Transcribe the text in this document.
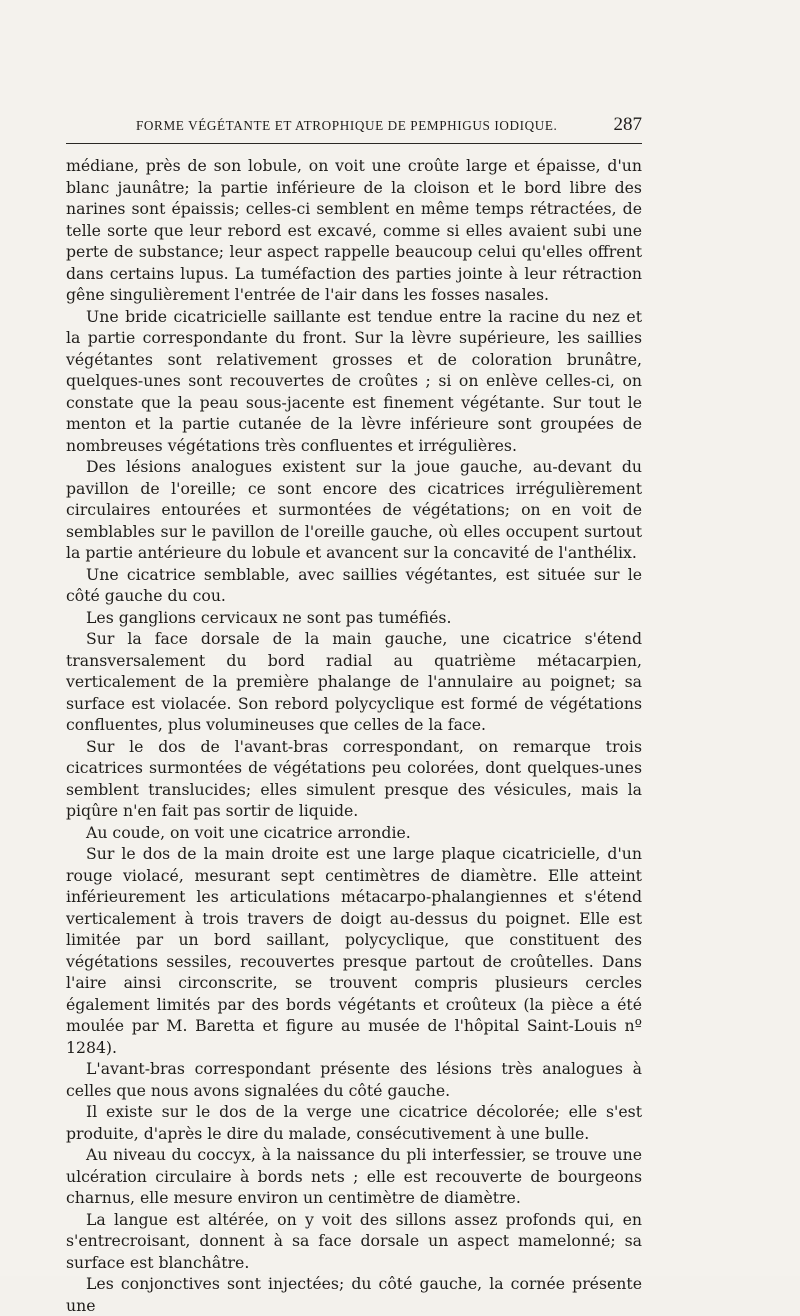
FORME VÉGÉTANTE ET ATROPHIQUE DE PEMPHIGUS IODIQUE.	287

médiane, près de son lobule, on voit une croûte large et épaisse, d'un blanc jaunâtre; la partie inférieure de la cloison et le bord libre des narines sont épaissis; celles-ci semblent en même temps rétractées, de telle sorte que leur rebord est excavé, comme si elles avaient subi une perte de substance; leur aspect rappelle beaucoup celui qu'elles offrent dans certains lupus. La tuméfaction des parties jointe à leur rétraction gêne singulièrement l'entrée de l'air dans les fosses nasales.

Une bride cicatricielle saillante est tendue entre la racine du nez et la partie correspondante du front. Sur la lèvre supérieure, les saillies végétantes sont relativement grosses et de coloration brunâtre, quelques-unes sont recouvertes de croûtes ; si on enlève celles-ci, on constate que la peau sous-jacente est finement végétante. Sur tout le menton et la partie cutanée de la lèvre inférieure sont groupées de nombreuses végétations très confluentes et irrégulières.

Des lésions analogues existent sur la joue gauche, au-devant du pavillon de l'oreille; ce sont encore des cicatrices irrégulièrement circulaires entourées et surmontées de végétations; on en voit de semblables sur le pavillon de l'oreille gauche, où elles occupent surtout la partie antérieure du lobule et avancent sur la concavité de l'anthélix.

Une cicatrice semblable, avec saillies végétantes, est située sur le côté gauche du cou.

Les ganglions cervicaux ne sont pas tuméfiés.

Sur la face dorsale de la main gauche, une cicatrice s'étend transversalement du bord radial au quatrième métacarpien, verticalement de la première phalange de l'annulaire au poignet; sa surface est violacée. Son rebord polycyclique est formé de végétations confluentes, plus volumineuses que celles de la face.

Sur le dos de l'avant-bras correspondant, on remarque trois cicatrices surmontées de végétations peu colorées, dont quelques-unes semblent translucides; elles simulent presque des vésicules, mais la piqûre n'en fait pas sortir de liquide.

Au coude, on voit une cicatrice arrondie.

Sur le dos de la main droite est une large plaque cicatricielle, d'un rouge violacé, mesurant sept centimètres de diamètre. Elle atteint inférieurement les articulations métacarpo-phalangiennes et s'étend verticalement à trois travers de doigt au-dessus du poignet. Elle est limitée par un bord saillant, polycyclique, que constituent des végétations sessiles, recouvertes presque partout de croûtelles. Dans l'aire ainsi circonscrite, se trouvent compris plusieurs cercles également limités par des bords végétants et croûteux (la pièce a été moulée par M. Baretta et figure au musée de l'hôpital Saint-Louis nº 1284).

L'avant-bras correspondant présente des lésions très analogues à celles que nous avons signalées du côté gauche.

Il existe sur le dos de la verge une cicatrice décolorée; elle s'est produite, d'après le dire du malade, consécutivement à une bulle.

Au niveau du coccyx, à la naissance du pli interfessier, se trouve une ulcération circulaire à bords nets ; elle est recouverte de bourgeons charnus, elle mesure environ un centimètre de diamètre.

La langue est altérée, on y voit des sillons assez profonds qui, en s'entrecroisant, donnent à sa face dorsale un aspect mamelonné; sa surface est blanchâtre.

Les conjonctives sont injectées; du côté gauche, la cornée présente une
